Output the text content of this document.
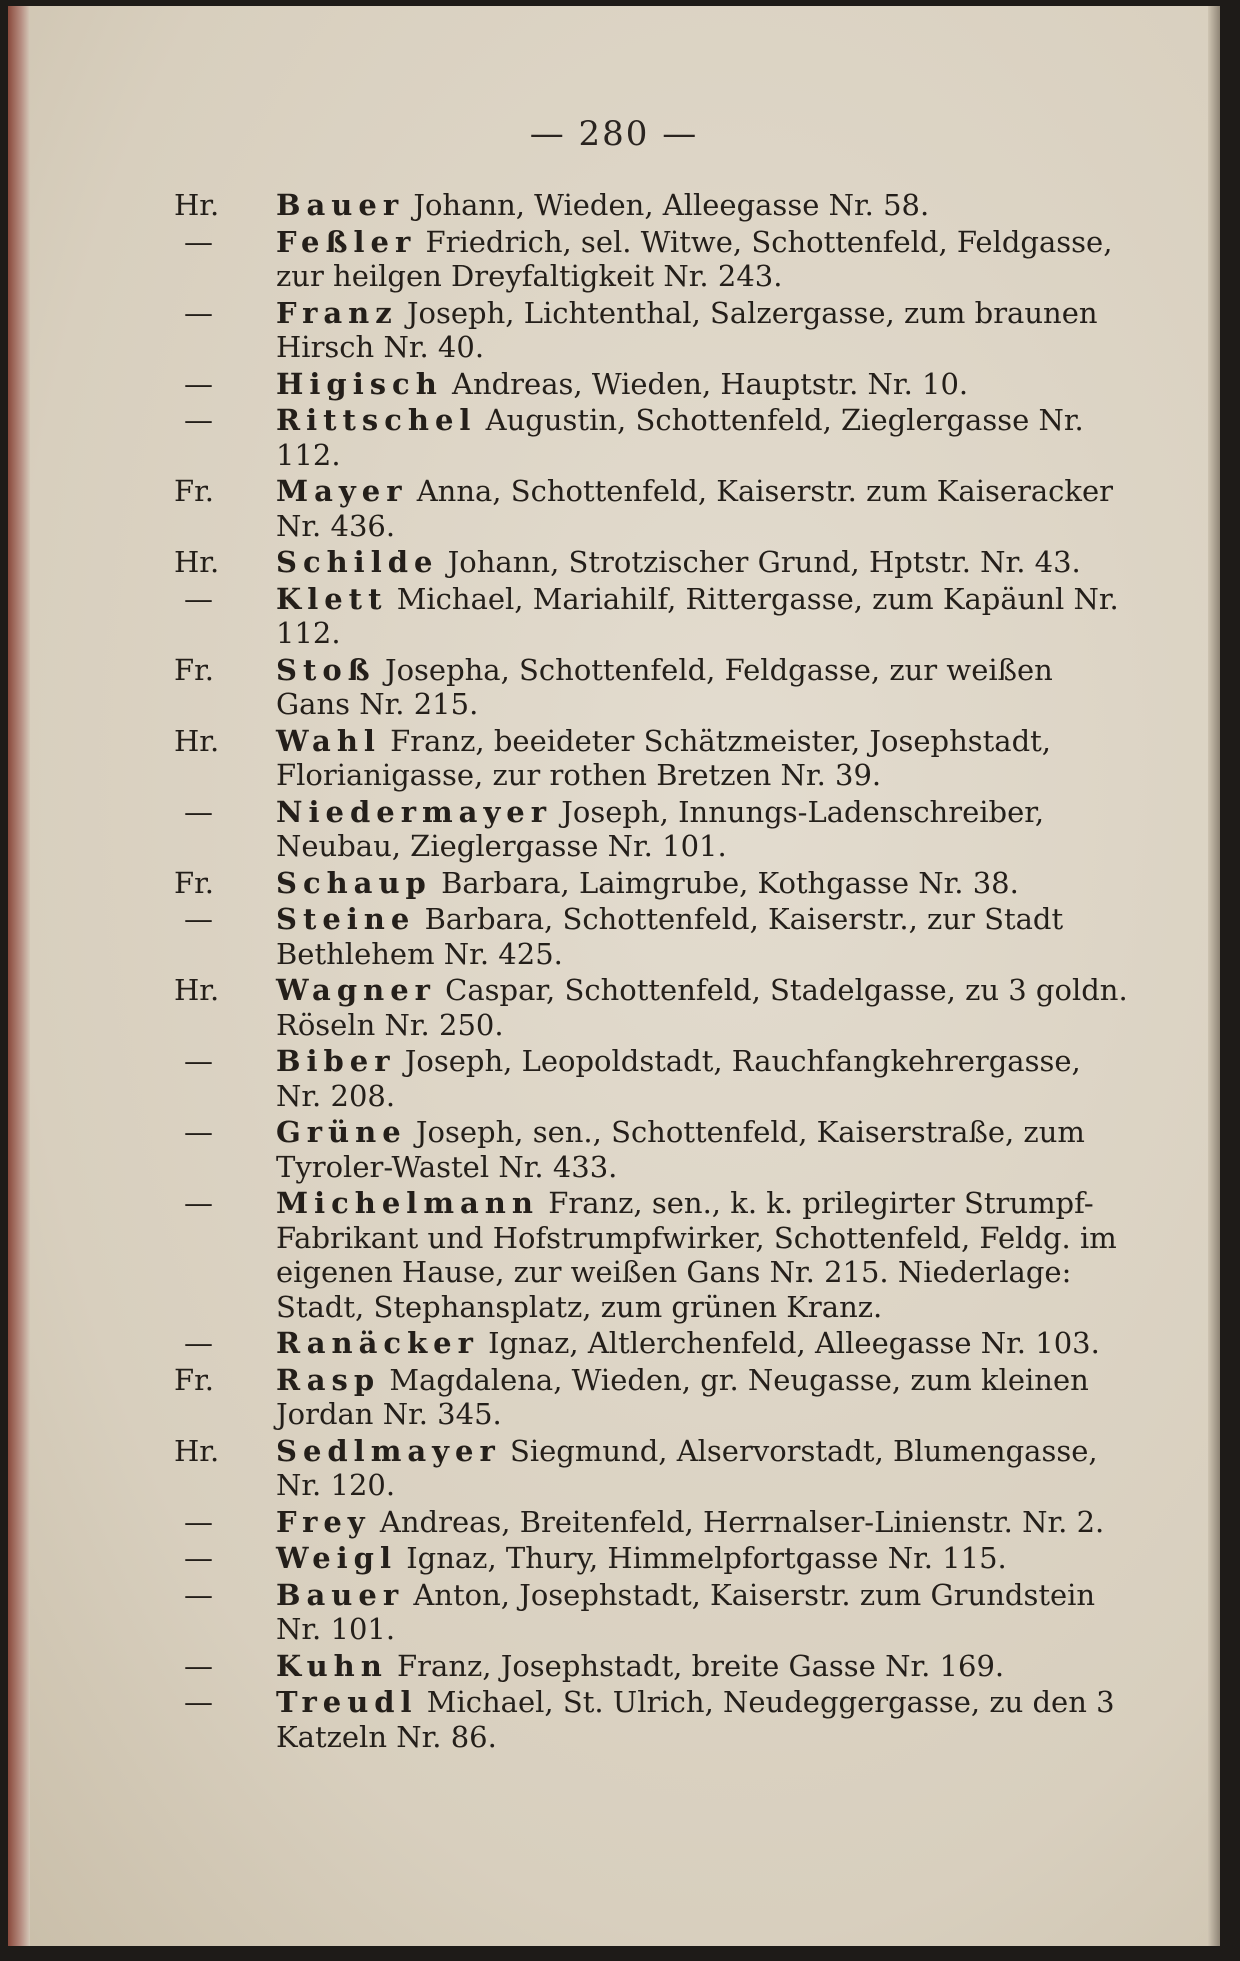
— 280 —
Hr. Bauer Johann, Wieden, Alleegasse Nr. 58.
— Feßler Friedrich, sel. Witwe, Schottenfeld, Feldgasse, zur heilgen Dreyfaltigkeit Nr. 243.
— Franz Joseph, Lichtenthal, Salzergasse, zum braunen Hirsch Nr. 40.
— Higisch Andreas, Wieden, Hauptstr. Nr. 10.
— Rittschel Augustin, Schottenfeld, Zieglergasse Nr. 112.
Fr. Mayer Anna, Schottenfeld, Kaiserstr. zum Kaiseracker Nr. 436.
Hr. Schilde Johann, Strotzischer Grund, Hptstr. Nr. 43.
— Klett Michael, Mariahilf, Rittergasse, zum Kapäunl Nr. 112.
Fr. Stoß Josepha, Schottenfeld, Feldgasse, zur weißen Gans Nr. 215.
Hr. Wahl Franz, beeideter Schätzmeister, Josephstadt, Florianigasse, zur rothen Bretzen Nr. 39.
— Niedermayer Joseph, Innungs-Ladenschreiber, Neubau, Zieglergasse Nr. 101.
Fr. Schaup Barbara, Laimgrube, Kothgasse Nr. 38.
— Steine Barbara, Schottenfeld, Kaiserstr., zur Stadt Bethlehem Nr. 425.
Hr. Wagner Caspar, Schottenfeld, Stadelgasse, zu 3 goldn. Röseln Nr. 250.
— Biber Joseph, Leopoldstadt, Rauchfangkehrergasse, Nr. 208.
— Grüne Joseph, sen., Schottenfeld, Kaiserstraße, zum Tyroler-Wastel Nr. 433.
— Michelmann Franz, sen., k. k. prilegirter Strumpf-Fabrikant und Hofstrumpfwirker, Schottenfeld, Feldg. im eigenen Hause, zur weißen Gans Nr. 215. Niederlage: Stadt, Stephansplatz, zum grünen Kranz.
— Ranäcker Ignaz, Altlerchenfeld, Alleegasse Nr. 103.
Fr. Rasp Magdalena, Wieden, gr. Neugasse, zum kleinen Jordan Nr. 345.
Hr. Sedlmayer Siegmund, Alservorstadt, Blumengasse, Nr. 120.
— Frey Andreas, Breitenfeld, Herrnalser-Linienstr. Nr. 2.
— Weigl Ignaz, Thury, Himmelpfortgasse Nr. 115.
— Bauer Anton, Josephstadt, Kaiserstr. zum Grundstein Nr. 101.
— Kuhn Franz, Josephstadt, breite Gasse Nr. 169.
— Treudl Michael, St. Ulrich, Neudeggergasse, zu den 3 Katzeln Nr. 86.
